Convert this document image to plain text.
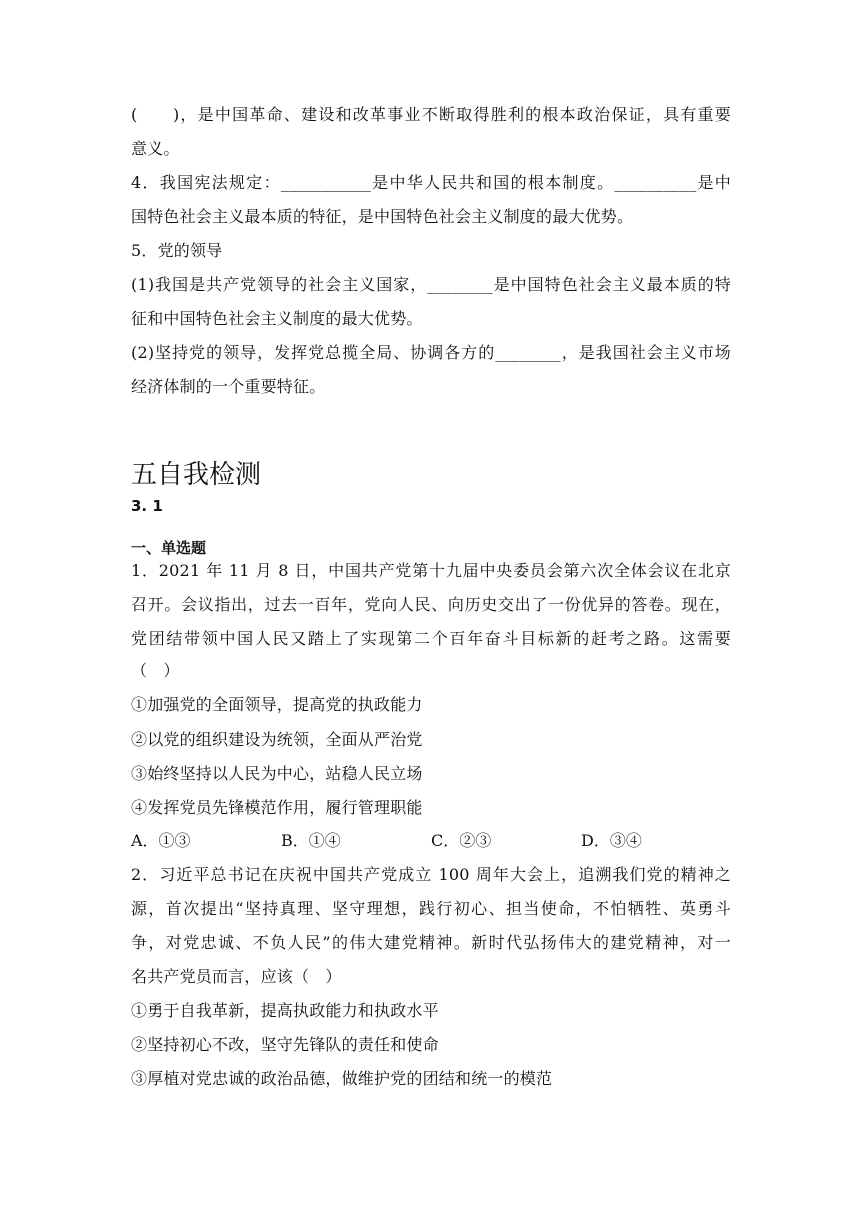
(　　)，是中国革命、建设和改革事业不断取得胜利的根本政治保证，具有重要
意义。
4．我国宪法规定：___________是中华人民共和国的根本制度。__________是中
国特色社会主义最本质的特征，是中国特色社会主义制度的最大优势。
5．党的领导
(1)我国是共产党领导的社会主义国家，________是中国特色社会主义最本质的特
征和中国特色社会主义制度的最大优势。
(2)坚持党的领导，发挥党总揽全局、协调各方的________，是我国社会主义市场
经济体制的一个重要特征。
五自我检测
3. 1
一、单选题
1．2021 年 11 月 8 日，中国共产党第十九届中央委员会第六次全体会议在北京
召开。会议指出，过去一百年，党向人民、向历史交出了一份优异的答卷。现在，
党团结带领中国人民又踏上了实现第二个百年奋斗目标新的赶考之路。这需要
（　）
①加强党的全面领导，提高党的执政能力
②以党的组织建设为统领，全面从严治党
③始终坚持以人民为中心，站稳人民立场
④发挥党员先锋模范作用，履行管理职能
A．①③	B．①④	C．②③	D．③④
2．习近平总书记在庆祝中国共产党成立 100 周年大会上，追溯我们党的精神之
源，首次提出“坚持真理、坚守理想，践行初心、担当使命，不怕牺牲、英勇斗
争，对党忠诚、不负人民”的伟大建党精神。新时代弘扬伟大的建党精神，对一
名共产党员而言，应该（　）
①勇于自我革新，提高执政能力和执政水平
②坚持初心不改，坚守先锋队的责任和使命
③厚植对党忠诚的政治品德，做维护党的团结和统一的模范
